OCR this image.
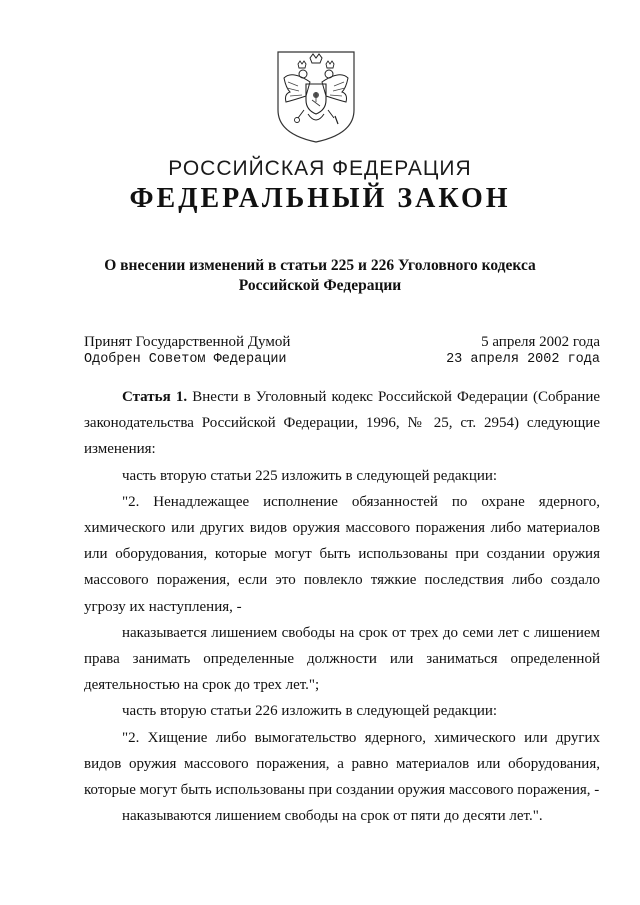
РОССИЙСКАЯ ФЕДЕРАЦИЯ
ФЕДЕРАЛЬНЫЙ ЗАКОН
О внесении изменений в статьи 225 и 226 Уголовного кодекса
Российской Федерации
Принят Государственной Думой	5 апреля 2002 года
Одобрен Советом Федерации	23 апреля 2002 года

Статья 1. Внести в Уголовный кодекс Российской Федерации (Собрание законодательства Российской Федерации, 1996, № 25, ст. 2954) следующие изменения:

часть вторую статьи 225 изложить в следующей редакции:

"2. Ненадлежащее исполнение обязанностей по охране ядерного, химического или других видов оружия массового поражения либо материалов или оборудования, которые могут быть использованы при создании оружия массового поражения, если это повлекло тяжкие последствия либо создало угрозу их наступления, -

наказывается лишением свободы на срок от трех до семи лет с лишением права занимать определенные должности или заниматься определенной деятельностью на срок до трех лет.";

часть вторую статьи 226 изложить в следующей редакции:

"2. Хищение либо вымогательство ядерного, химического или других видов оружия массового поражения, а равно материалов или оборудования, которые могут быть использованы при создании оружия массового поражения, -

наказываются лишением свободы на срок от пяти до десяти лет.".
